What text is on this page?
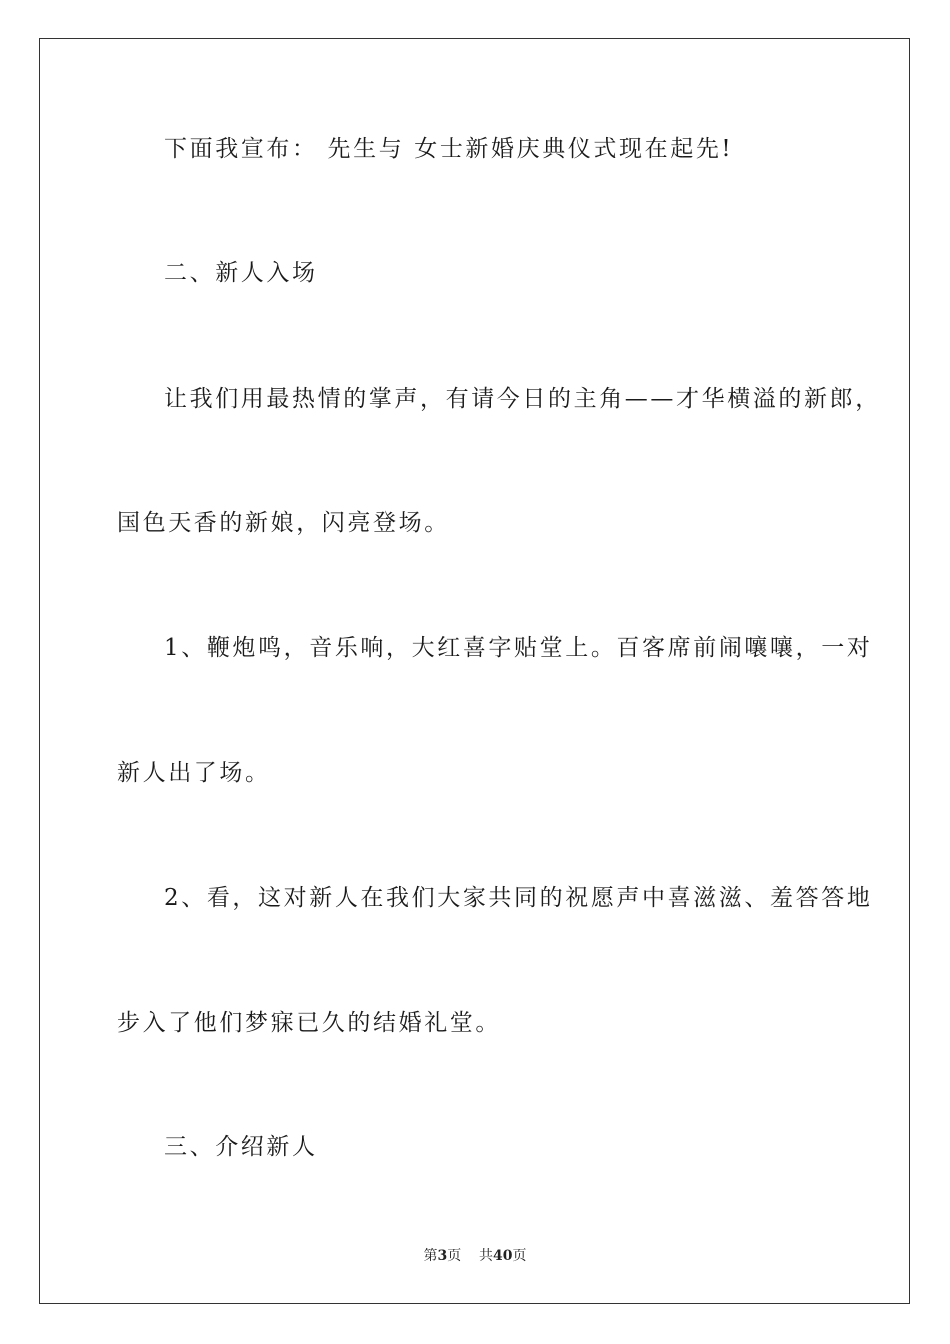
下面我宣布： 先生与 女士新婚庆典仪式现在起先!
二、新人入场
让我们用最热情的掌声，有请今日的主角——才华横溢的新郎，
国色天香的新娘，闪亮登场。
1、鞭炮鸣，音乐响，大红喜字贴堂上。百客席前闹嚷嚷，一对
新人出了场。
2、看，这对新人在我们大家共同的祝愿声中喜滋滋、羞答答地
步入了他们梦寐已久的结婚礼堂。
三、介绍新人
第3页 共40页
